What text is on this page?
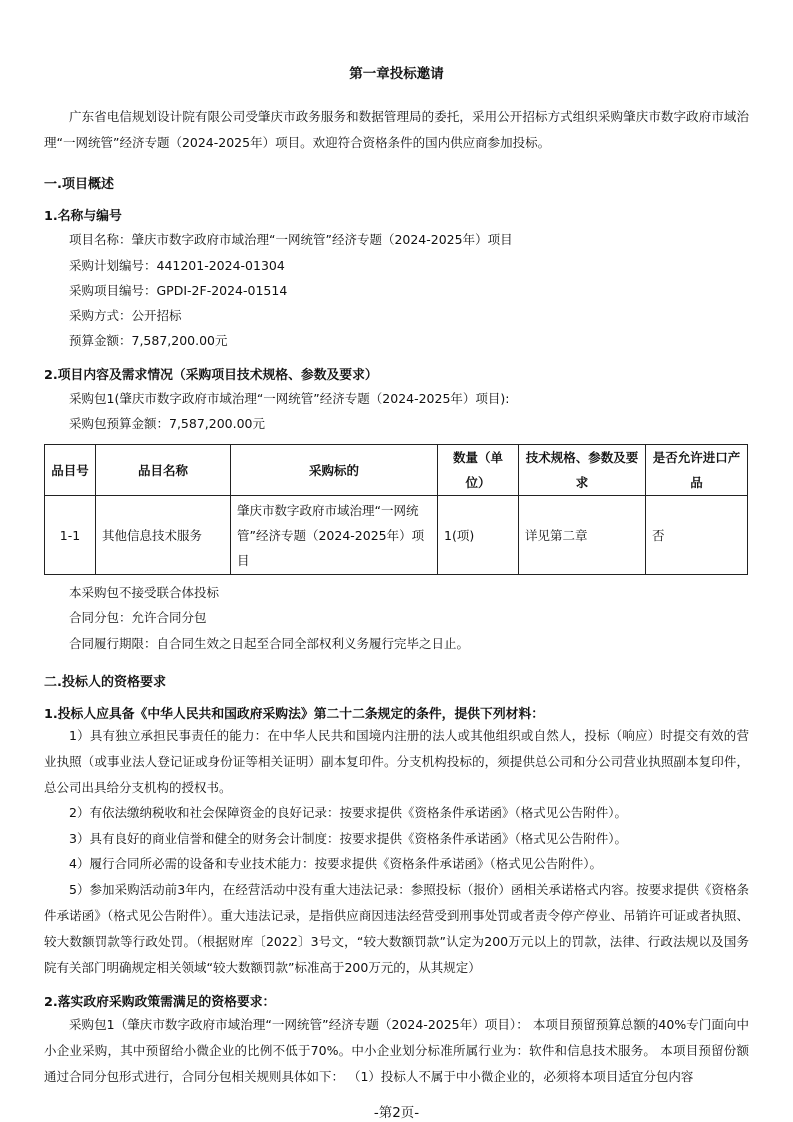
第一章投标邀请
广东省电信规划设计院有限公司受肇庆市政务服务和数据管理局的委托，采用公开招标方式组织采购肇庆市数字政府市域治理“一网统管”经济专题（2024-2025年）项目。欢迎符合资格条件的国内供应商参加投标。
一.项目概述
1.名称与编号
项目名称：肇庆市数字政府市域治理“一网统管”经济专题（2024-2025年）项目
采购计划编号：441201-2024-01304
采购项目编号：GPDI-2F-2024-01514
采购方式：公开招标
预算金额：7,587,200.00元
2.项目内容及需求情况（采购项目技术规格、参数及要求）
采购包1(肇庆市数字政府市域治理“一网统管”经济专题（2024-2025年）项目):
采购包预算金额：7,587,200.00元
品目号	品目名称	采购标的	数量（单位）	技术规格、参数及要求	是否允许进口产品
1-1	其他信息技术服务	肇庆市数字政府市域治理“一网统管”经济专题（2024-2025年）项目	1(项)	详见第二章	否
本采购包不接受联合体投标
合同分包：允许合同分包
合同履行期限：自合同生效之日起至合同全部权利义务履行完毕之日止。
二.投标人的资格要求
1.投标人应具备《中华人民共和国政府采购法》第二十二条规定的条件，提供下列材料：
1）具有独立承担民事责任的能力：在中华人民共和国境内注册的法人或其他组织或自然人，投标（响应）时提交有效的营业执照（或事业法人登记证或身份证等相关证明）副本复印件。分支机构投标的，须提供总公司和分公司营业执照副本复印件，总公司出具给分支机构的授权书。
2）有依法缴纳税收和社会保障资金的良好记录：按要求提供《资格条件承诺函》（格式见公告附件）。
3）具有良好的商业信誉和健全的财务会计制度：按要求提供《资格条件承诺函》（格式见公告附件）。
4）履行合同所必需的设备和专业技术能力：按要求提供《资格条件承诺函》（格式见公告附件）。
5）参加采购活动前3年内，在经营活动中没有重大违法记录：参照投标（报价）函相关承诺格式内容。按要求提供《资格条件承诺函》（格式见公告附件）。重大违法记录，是指供应商因违法经营受到刑事处罚或者责令停产停业、吊销许可证或者执照、较大数额罚款等行政处罚。（根据财库〔2022〕3号文，“较大数额罚款”认定为200万元以上的罚款，法律、行政法规以及国务院有关部门明确规定相关领域“较大数额罚款”标准高于200万元的，从其规定）
2.落实政府采购政策需满足的资格要求：
采购包1（肇庆市数字政府市域治理“一网统管”经济专题（2024-2025年）项目）： 本项目预留预算总额的40%专门面向中小企业采购，其中预留给小微企业的比例不低于70%。中小企业划分标准所属行业为：软件和信息技术服务。 本项目预留份额通过合同分包形式进行，合同分包相关规则具体如下： （1）投标人不属于中小微企业的，必须将本项目适宜分包内容
-第2页-
